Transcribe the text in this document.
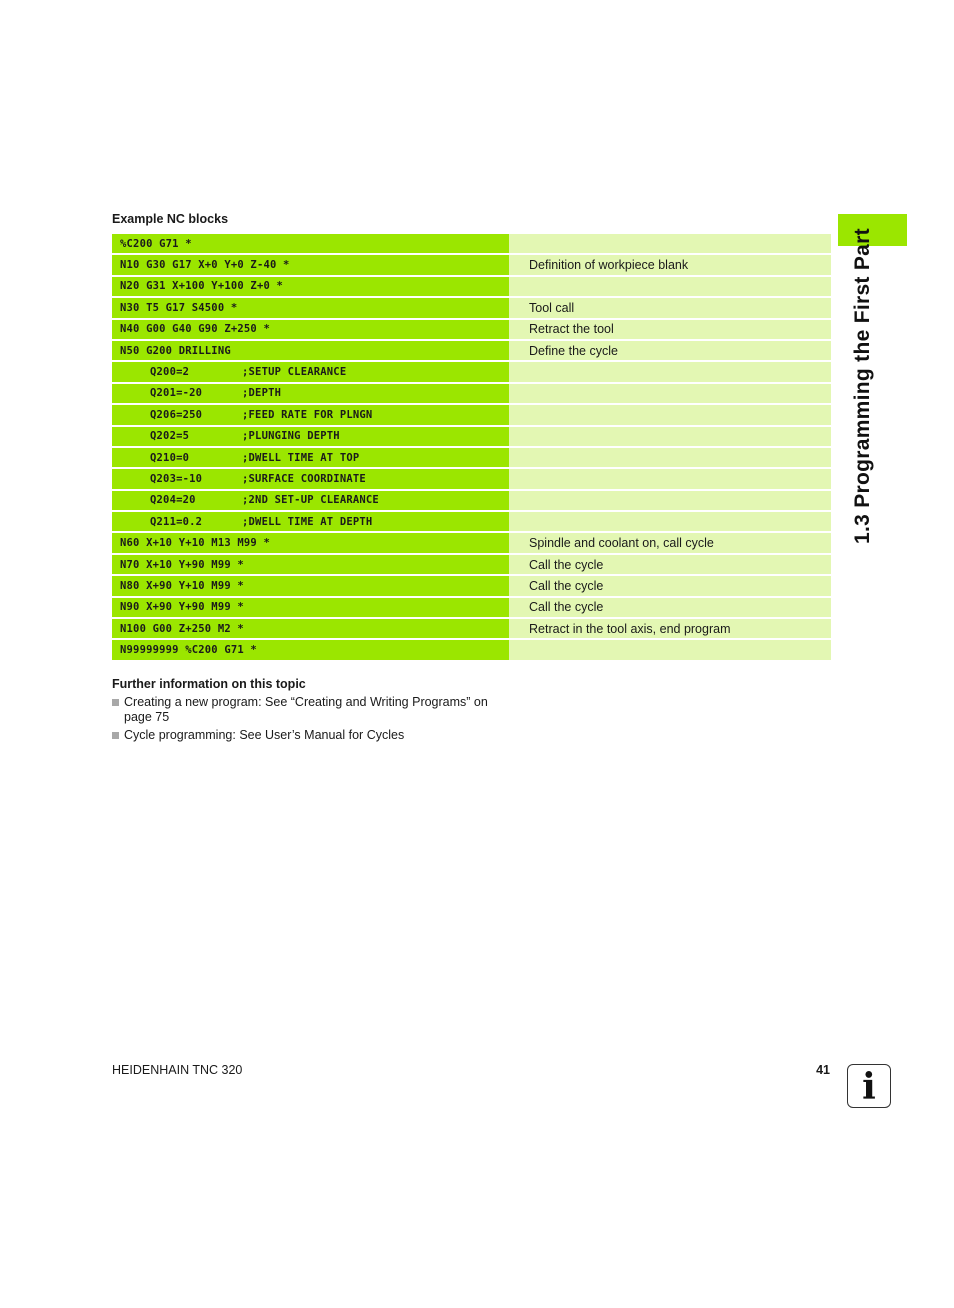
Example NC blocks
%C200 G71 *
N10 G30 G17 X+0 Y+0 Z-40 *	Definition of workpiece blank
N20 G31 X+100 Y+100 Z+0 *
N30 T5 G17 S4500 *	Tool call
N40 G00 G40 G90 Z+250 *	Retract the tool
N50 G200 DRILLING	Define the cycle
Q200=2	;SETUP CLEARANCE
Q201=-20	;DEPTH
Q206=250	;FEED RATE FOR PLNGN
Q202=5	;PLUNGING DEPTH
Q210=0	;DWELL TIME AT TOP
Q203=-10	;SURFACE COORDINATE
Q204=20	;2ND SET-UP CLEARANCE
Q211=0.2	;DWELL TIME AT DEPTH
N60 X+10 Y+10 M13 M99 *	Spindle and coolant on, call cycle
N70 X+10 Y+90 M99 *	Call the cycle
N80 X+90 Y+10 M99 *	Call the cycle
N90 X+90 Y+90 M99 *	Call the cycle
N100 G00 Z+250 M2 *	Retract in the tool axis, end program
N99999999 %C200 G71 *
Further information on this topic
Creating a new program: See “Creating and Writing Programs” on page 75
Cycle programming: See User’s Manual for Cycles
1.3 Programming the First Part
HEIDENHAIN TNC 320	41 i
